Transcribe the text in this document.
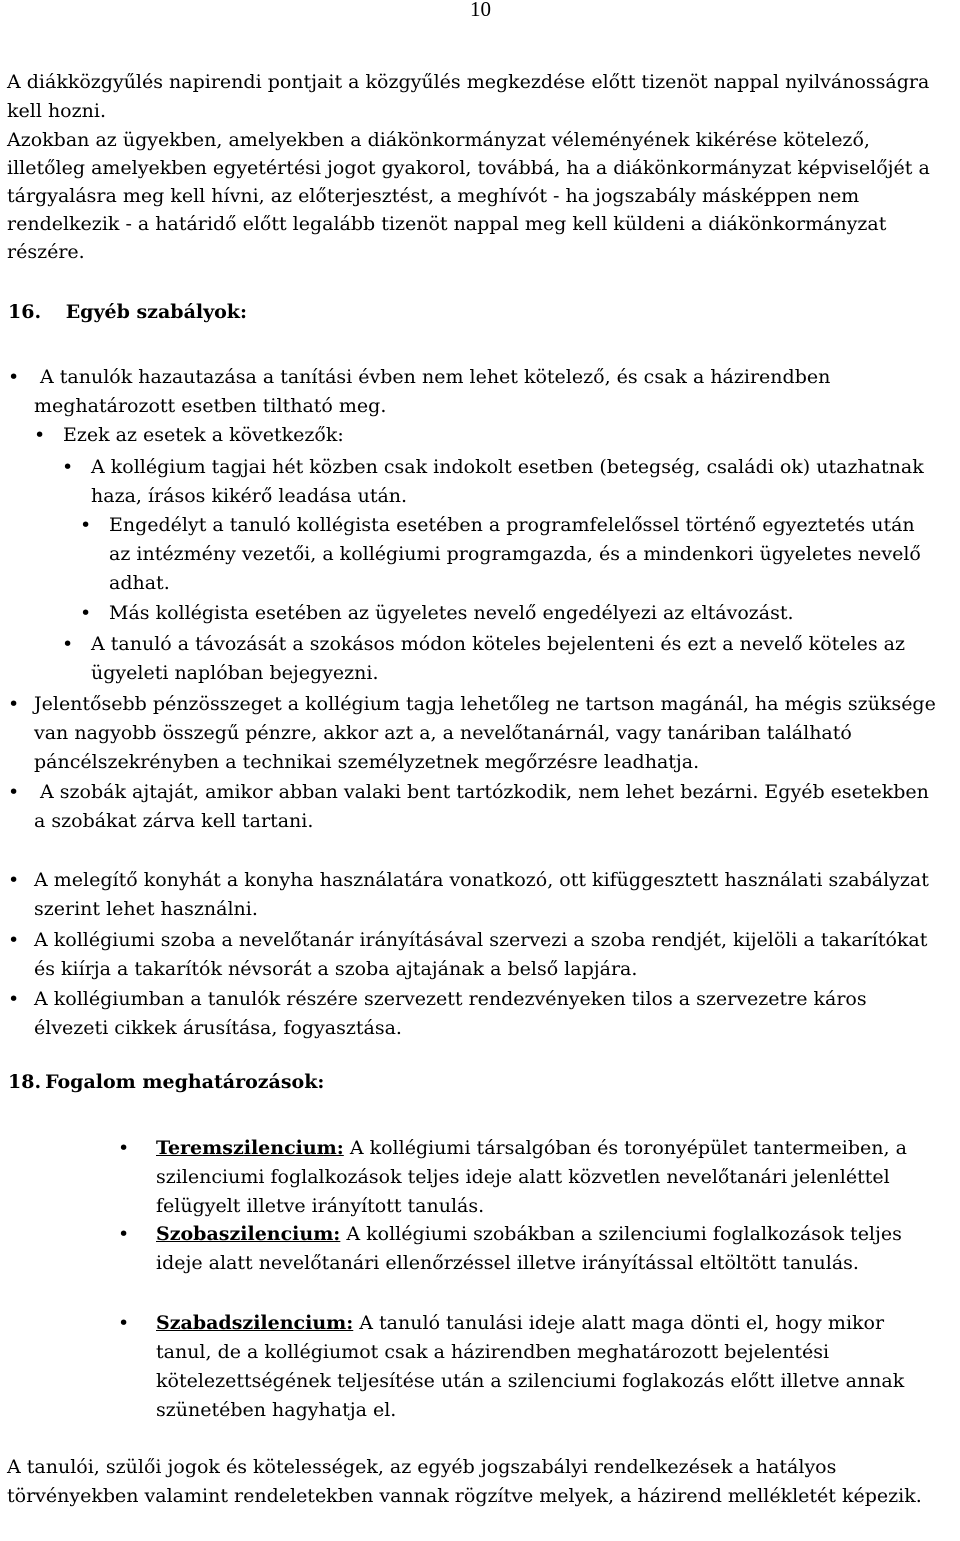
10

A diákközgyűlés napirendi pontjait a közgyűlés megkezdése előtt tizenöt nappal nyilvánosságra kell hozni.

Azokban az ügyekben, amelyekben a diákönkormányzat véleményének kikérése kötelező, illetőleg amelyekben egyetértési jogot gyakorol, továbbá, ha a diákönkormányzat képviselőjét a tárgyalásra meg kell hívni, az előterjesztést, a meghívót - ha jogszabály másképpen nem rendelkezik - a határidő előtt legalább tizenöt nappal meg kell küldeni a diákönkormányzat részére.

16. Egyéb szabályok:
•
A tanulók hazautazása a tanítási évben nem lehet kötelező, és csak a házirendben meghatározott esetben tiltható meg.
•
Ezek az esetek a következők:
•
A kollégium tagjai hét közben csak indokolt esetben (betegség, családi ok) utazhatnak haza, írásos kikérő leadása után.
•
Engedélyt a tanuló kollégista esetében a programfelelőssel történő egyeztetés után az intézmény vezetői, a kollégiumi programgazda, és a mindenkori ügyeletes nevelő adhat.
•
Más kollégista esetében az ügyeletes nevelő engedélyezi az eltávozást.
•
A tanuló a távozását a szokásos módon köteles bejelenteni és ezt a nevelő köteles az ügyeleti naplóban bejegyezni.
•
Jelentősebb pénzösszeget a kollégium tagja lehetőleg ne tartson magánál, ha mégis szüksége van nagyobb összegű pénzre, akkor azt a, a nevelőtanárnál, vagy tanáriban található páncélszekrényben a technikai személyzetnek megőrzésre leadhatja.
•
A szobák ajtaját, amikor abban valaki bent tartózkodik, nem lehet bezárni. Egyéb esetekben a szobákat zárva kell tartani.
•
A melegítő konyhát a konyha használatára vonatkozó, ott kifüggesztett használati szabályzat szerint lehet használni.
•
A kollégiumi szoba a nevelőtanár irányításával szervezi a szoba rendjét, kijelöli a takarítókat és kiírja a takarítók névsorát a szoba ajtajának a belső lapjára.
•
A kollégiumban a tanulók részére szervezett rendezvényeken tilos a szervezetre káros élvezeti cikkek árusítása, fogyasztása.
18. Fogalom meghatározások:
•
Teremszilencium: A kollégiumi társalgóban és toronyépület tantermeiben, a szilenciumi foglalkozások teljes ideje alatt közvetlen nevelőtanári jelenléttel felügyelt illetve irányított tanulás.
•
Szobaszilencium: A kollégiumi szobákban a szilenciumi foglalkozások teljes ideje alatt nevelőtanári ellenőrzéssel illetve irányítással eltöltött tanulás.
•
Szabadszilencium: A tanuló tanulási ideje alatt maga dönti el, hogy mikor tanul, de a kollégiumot csak a házirendben meghatározott bejelentési kötelezettségének teljesítése után a szilenciumi foglakozás előtt illetve annak szünetében hagyhatja el.

A tanulói, szülői jogok és kötelességek, az egyéb jogszabályi rendelkezések a hatályos törvényekben valamint rendeletekben vannak rögzítve melyek, a házirend mellékletét képezik.
